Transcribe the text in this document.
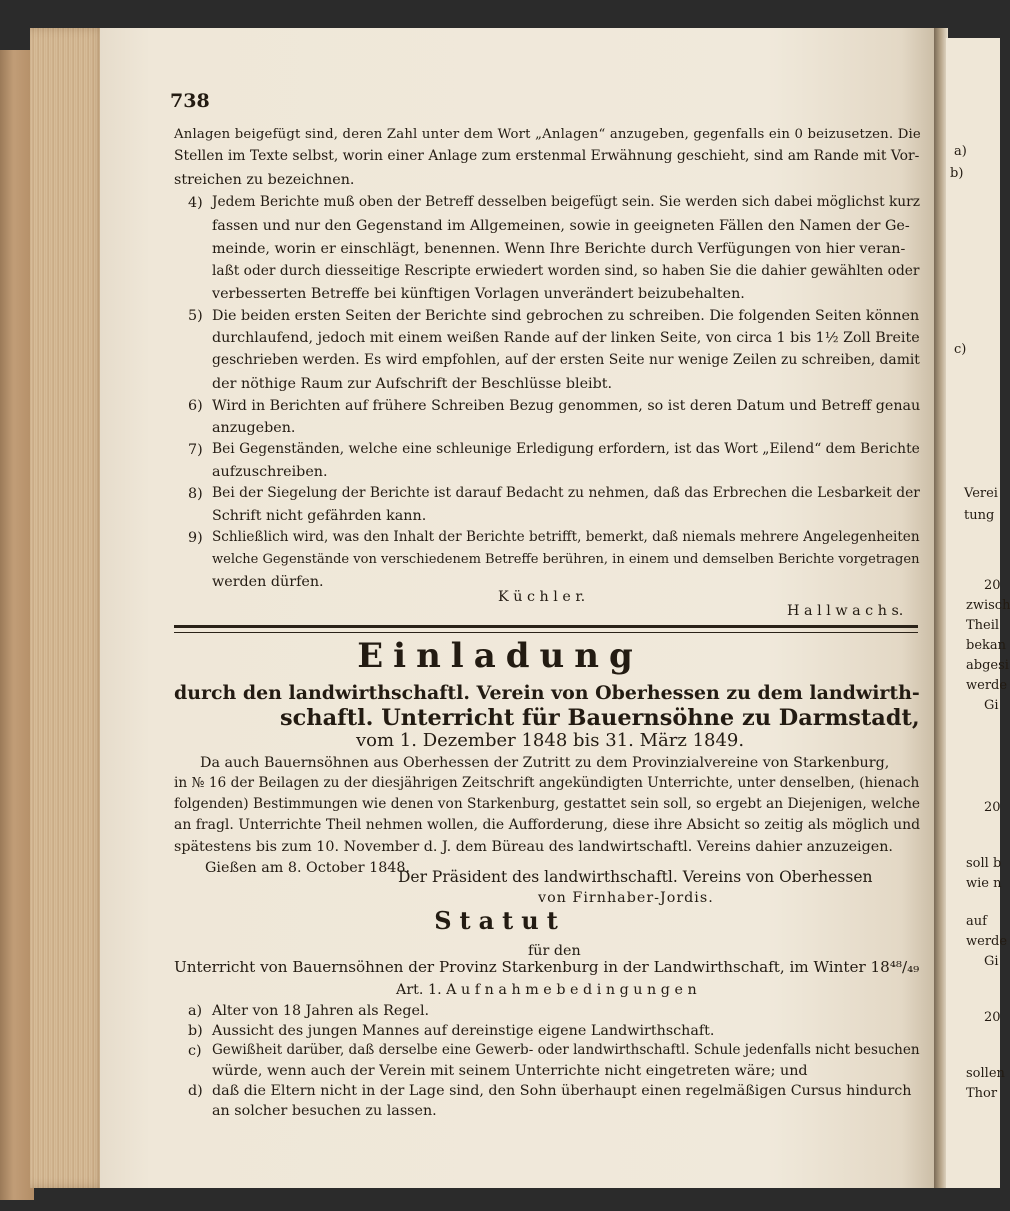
a)
b)
c)
Verei
tung
20
zwisch
Theil
bekan
abgesi
werde
Gi
20
soll b
wie n
auf
werde
Gi
20
sollen
Thor
738
Anlagen beigefügt sind, deren Zahl unter dem Wort „Anlagen“ anzugeben, gegenfalls ein 0 beizusetzen. Die
Stellen im Texte selbst, worin einer Anlage zum erstenmal Erwähnung geschieht, sind am Rande mit Vor-
streichen zu bezeichnen.
4) Jedem Berichte muß oben der Betreff desselben beigefügt sein. Sie werden sich dabei möglichst kurz
fassen und nur den Gegenstand im Allgemeinen, sowie in geeigneten Fällen den Namen der Ge-
meinde, worin er einschlägt, benennen. Wenn Ihre Berichte durch Verfügungen von hier veran-
laßt oder durch diesseitige Rescripte erwiedert worden sind, so haben Sie die dahier gewählten oder
verbesserten Betreffe bei künftigen Vorlagen unverändert beizubehalten.
5) Die beiden ersten Seiten der Berichte sind gebrochen zu schreiben. Die folgenden Seiten können
durchlaufend, jedoch mit einem weißen Rande auf der linken Seite, von circa 1 bis 1½ Zoll Breite
geschrieben werden. Es wird empfohlen, auf der ersten Seite nur wenige Zeilen zu schreiben, damit
der nöthige Raum zur Aufschrift der Beschlüsse bleibt.
6) Wird in Berichten auf frühere Schreiben Bezug genommen, so ist deren Datum und Betreff genau
anzugeben.
7) Bei Gegenständen, welche eine schleunige Erledigung erfordern, ist das Wort „Eilend“ dem Berichte
aufzuschreiben.
8) Bei der Siegelung der Berichte ist darauf Bedacht zu nehmen, daß das Erbrechen die Lesbarkeit der
Schrift nicht gefährden kann.
9) Schließlich wird, was den Inhalt der Berichte betrifft, bemerkt, daß niemals mehrere Angelegenheiten
welche Gegenstände von verschiedenem Betreffe berühren, in einem und demselben Berichte vorgetragen
werden dürfen.
K ü c h l e r.
H a l l w a c h s.
Einladung
durch den landwirthschaftl. Verein von Oberhessen zu dem landwirth-
schaftl. Unterricht für Bauernsöhne zu Darmstadt,
vom 1. Dezember 1848 bis 31. März 1849.
Da auch Bauernsöhnen aus Oberhessen der Zutritt zu dem Provinzialvereine von Starkenburg,
in № 16 der Beilagen zu der diesjährigen Zeitschrift angekündigten Unterrichte, unter denselben, (hienach
folgenden) Bestimmungen wie denen von Starkenburg, gestattet sein soll, so ergebt an Diejenigen, welche
an fragl. Unterrichte Theil nehmen wollen, die Aufforderung, diese ihre Absicht so zeitig als möglich und
spätestens bis zum 10. November d. J. dem Büreau des landwirtschaftl. Vereins dahier anzuzeigen.
Gießen am 8. October 1848.
Der Präsident des landwirthschaftl. Vereins von Oberhessen
von Firnhaber-Jordis.
Statut
für den
Unterricht von Bauernsöhnen der Provinz Starkenburg in der Landwirthschaft, im Winter 18⁴⁸/₄₉
Art. 1. A u f n a h m e b e d i n g u n g e n
a) Alter von 18 Jahren als Regel.
b) Aussicht des jungen Mannes auf dereinstige eigene Landwirthschaft.
c) Gewißheit darüber, daß derselbe eine Gewerb- oder landwirthschaftl. Schule jedenfalls nicht besuchen
würde, wenn auch der Verein mit seinem Unterrichte nicht eingetreten wäre; und
d) daß die Eltern nicht in der Lage sind, den Sohn überhaupt einen regelmäßigen Cursus hindurch
an solcher besuchen zu lassen.
